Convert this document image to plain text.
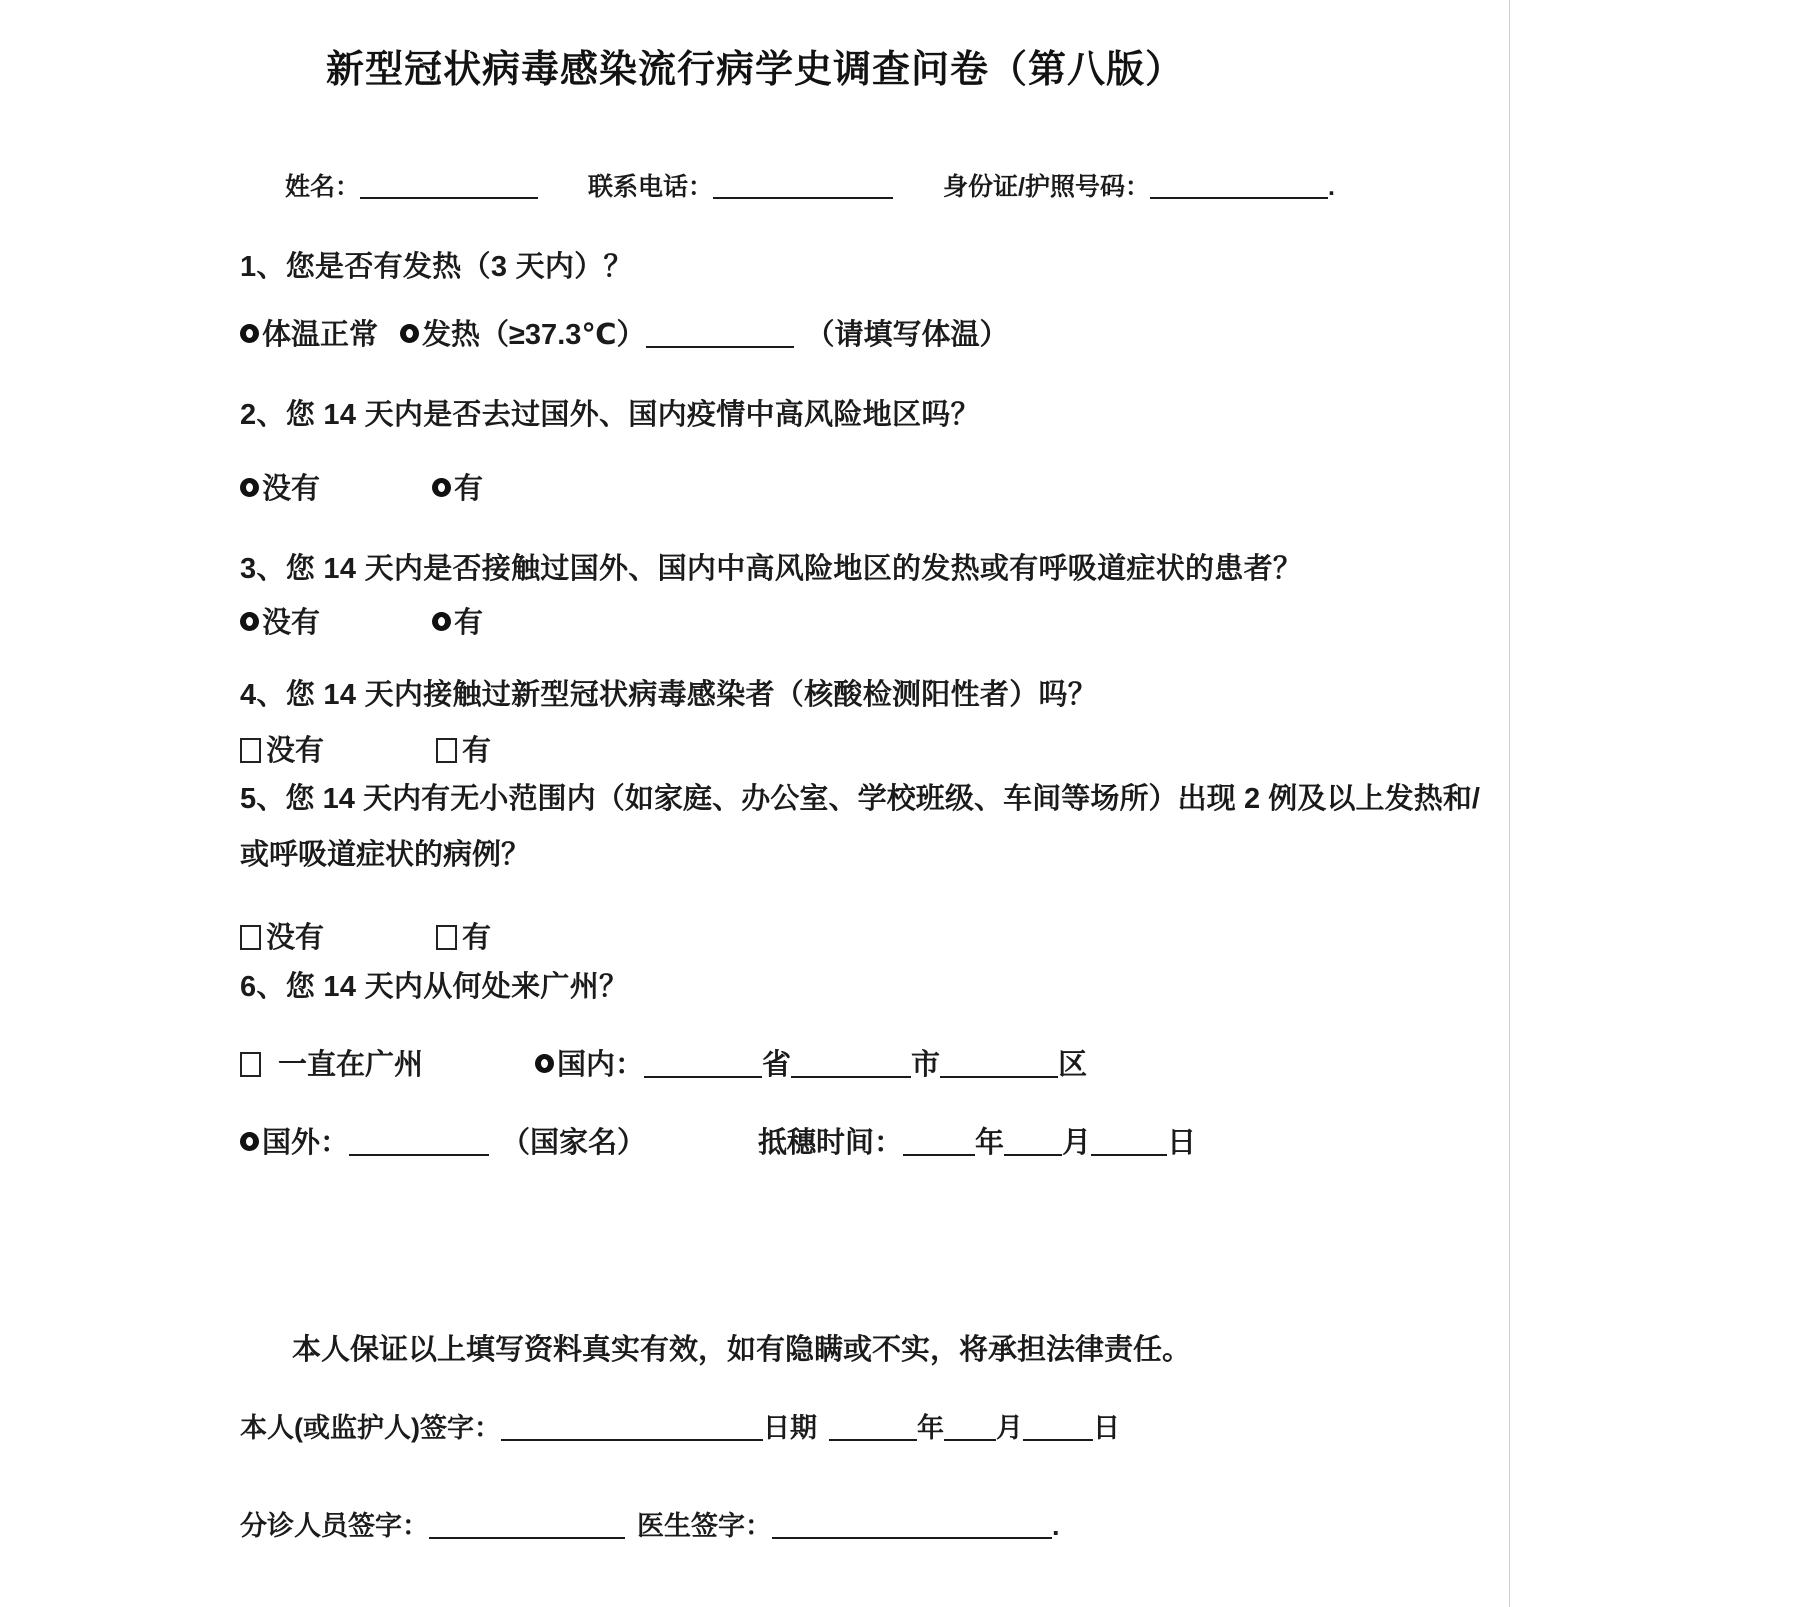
新型冠状病毒感染流行病学史调查问卷（第八版）
姓名：	联系电话：	身份证/护照号码：	.
1、您是否有发热（3 天内）？
体温正常 发热（≥37.3℃）	（请填写体温）
2、您 14 天内是否去过国外、国内疫情中高风险地区吗？
没有	有
3、您 14 天内是否接触过国外、国内中高风险地区的发热或有呼吸道症状的患者？
没有	有
4、您 14 天内接触过新型冠状病毒感染者（核酸检测阳性者）吗？
没有	有
5、您 14 天内有无小范围内（如家庭、办公室、学校班级、车间等场所）出现 2 例及以上发热和/或呼吸道症状的病例？
没有	有
6、您 14 天内从何处来广州？
一直在广州	国内：	省	市	区
国外：	（国家名）	抵穗时间： 年 月	日
本人保证以上填写资料真实有效，如有隐瞒或不实，将承担法律责任。
本人(或监护人)签字：	日期	年 月	日
分诊人员签字：	医生签字：	.
